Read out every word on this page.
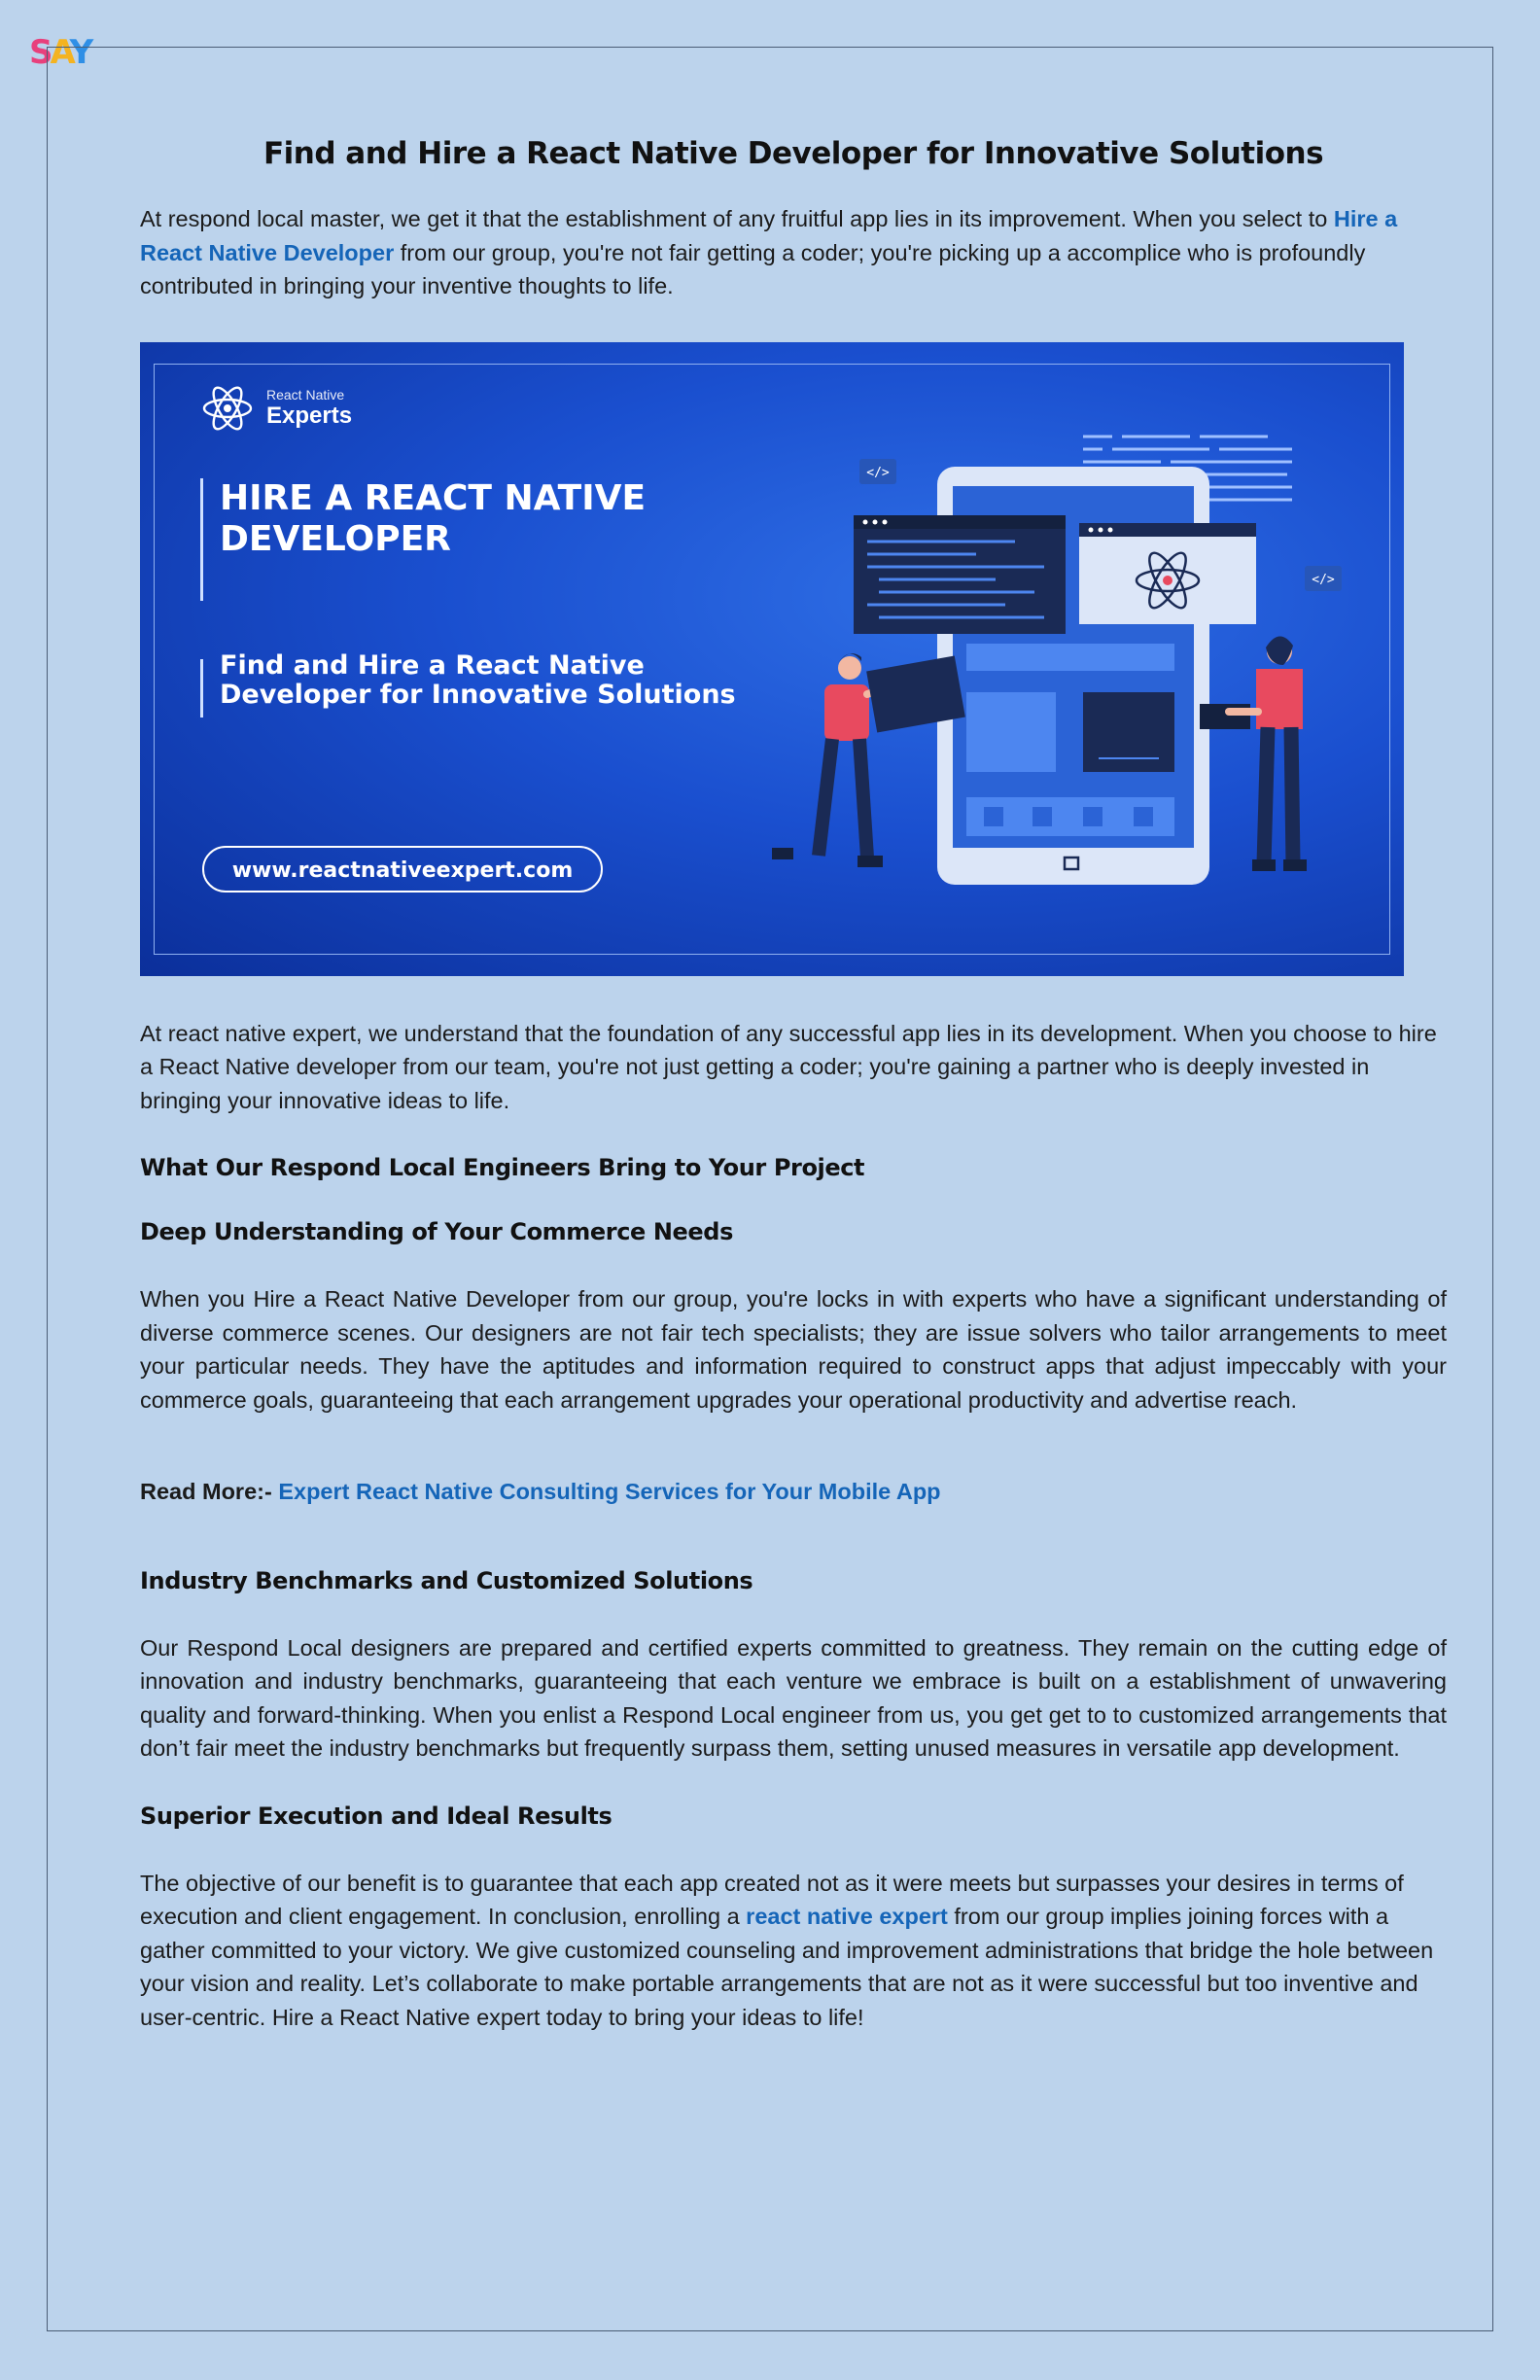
SAY
Find and Hire a React Native Developer for Innovative Solutions

At respond local master, we get it that the establishment of any fruitful app lies in its improvement. When you select to Hire a React Native Developer from our group, you're not fair getting a coder; you're picking up a accomplice who is profoundly contributed in bringing your inventive thoughts to life.

React Native
Experts
HIRE A REACT NATIVE
DEVELOPER
Find and Hire a React Native
Developer for Innovative Solutions
www.reactnativeexpert.com
</>
</>

At react native expert, we understand that the foundation of any successful app lies in its development. When you choose to hire a React Native developer from our team, you're not just getting a coder; you're gaining a partner who is deeply invested in bringing your innovative ideas to life.

What Our Respond Local Engineers Bring to Your Project
Deep Understanding of Your Commerce Needs

When you Hire a React Native Developer from our group, you're locks in with experts who have a significant understanding of diverse commerce scenes. Our designers are not fair tech specialists; they are issue solvers who tailor arrangements to meet your particular needs. They have the aptitudes and information required to construct apps that adjust impeccably with your commerce goals, guaranteeing that each arrangement upgrades your operational productivity and advertise reach.

Read More:- Expert React Native Consulting Services for Your Mobile App

Industry Benchmarks and Customized Solutions

Our Respond Local designers are prepared and certified experts committed to greatness. They remain on the cutting edge of innovation and industry benchmarks, guaranteeing that each venture we embrace is built on a establishment of unwavering quality and forward-thinking. When you enlist a Respond Local engineer from us, you get get to to customized arrangements that don’t fair meet the industry benchmarks but frequently surpass them, setting unused measures in versatile app development.

Superior Execution and Ideal Results

The objective of our benefit is to guarantee that each app created not as it were meets but surpasses your desires in terms of execution and client engagement. In conclusion, enrolling a react native expert from our group implies joining forces with a gather committed to your victory. We give customized counseling and improvement administrations that bridge the hole between your vision and reality. Let’s collaborate to make portable arrangements that are not as it were successful but too inventive and user-centric. Hire a React Native expert today to bring your ideas to life!
